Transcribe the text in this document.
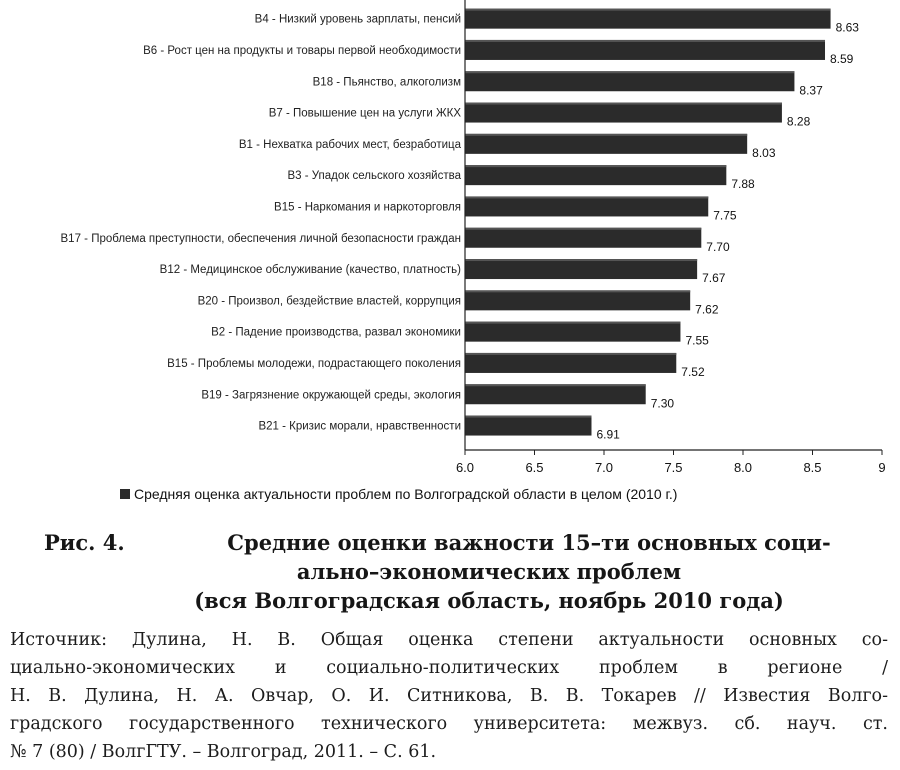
В4 - Низкий уровень зарплаты, пенсий
8.63
В6 - Рост цен на продукты и товары первой необходимости
8.59
В18 - Пьянство, алкоголизм
8.37
В7 - Повышение цен на услуги ЖКХ
8.28
В1 - Нехватка рабочих мест, безработица
8.03
В3 - Упадок сельского хозяйства
7.88
В15 - Наркомания и наркоторговля
7.75
В17 - Проблема преступности, обеспечения личной безопасности граждан
7.70
В12 - Медицинское обслуживание (качество, платность)
7.67
В20 - Произвол, бездействие властей, коррупция
7.62
В2 - Падение производства, развал экономики
7.55
В15 - Проблемы молодежи, подрастающего поколения
7.52
В19 - Загрязнение окружающей среды, экология
7.30
В21 - Кризис морали, нравственности
6.91
6.0	6.5	7.0	7.5	8.0	8.5	9
Средняя оценка актуальности проблем по Волгоградской области в целом (2010 г.)
Рис. 4.	Средние оценки важности 15–ти основных соци-
ально–экономических проблем
(вся Волгоградская область, ноябрь 2010 года)
Источник: Дулина, Н. В. Общая оценка степени актуальности основных со-
циально-экономических и социально-политических проблем в регионе /
Н. В. Дулина, Н. А. Овчар, О. И. Ситникова, В. В. Токарев // Известия Волго-
градского государственного технического университета: межвуз. сб. науч. ст.
№ 7 (80) / ВолгГТУ. – Волгоград, 2011. – С. 61.
